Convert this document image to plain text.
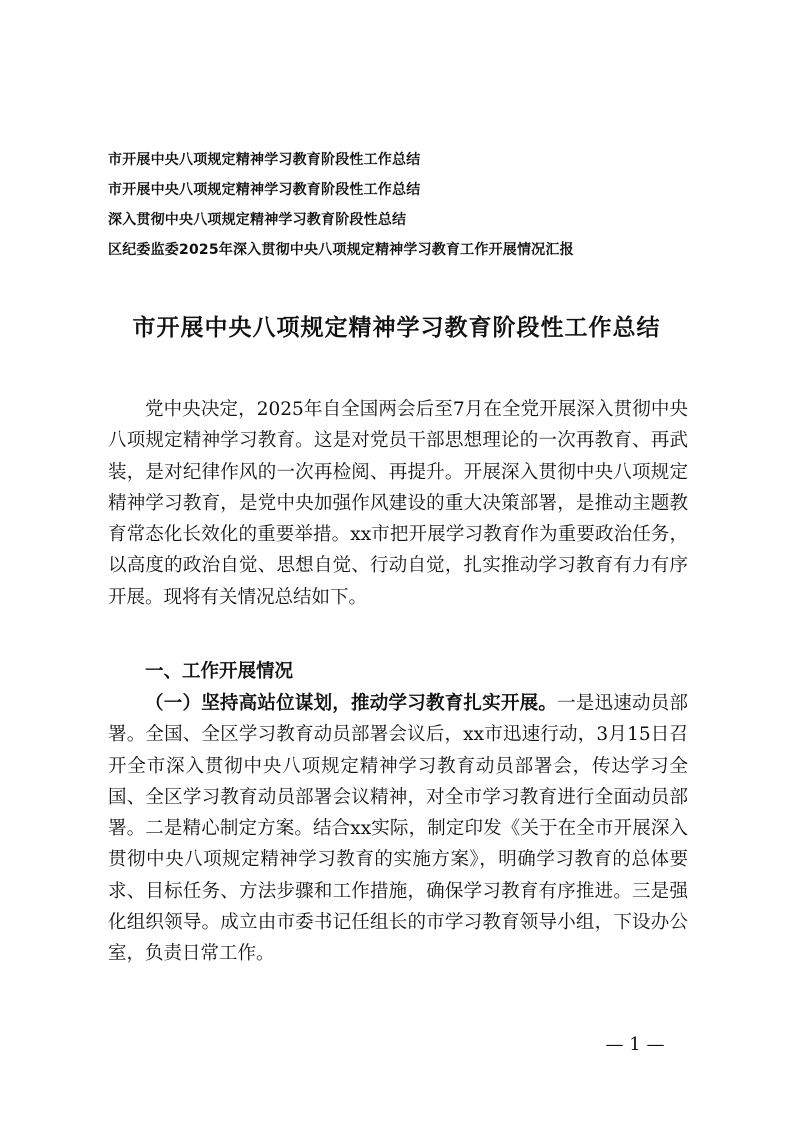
市开展中央八项规定精神学习教育阶段性工作总结
市开展中央八项规定精神学习教育阶段性工作总结
深入贯彻中央八项规定精神学习教育阶段性总结
区纪委监委2025年深入贯彻中央八项规定精神学习教育工作开展情况汇报
市开展中央八项规定精神学习教育阶段性工作总结

党中央决定，2025年自全国两会后至7月在全党开展深入贯彻中央八项规定精神学习教育。这是对党员干部思想理论的一次再教育、再武装，是对纪律作风的一次再检阅、再提升。开展深入贯彻中央八项规定精神学习教育，是党中央加强作风建设的重大决策部署，是推动主题教育常态化长效化的重要举措。xx市把开展学习教育作为重要政治任务，以高度的政治自觉、思想自觉、行动自觉，扎实推动学习教育有力有序开展。现将有关情况总结如下。

一、工作开展情况

（一）坚持高站位谋划，推动学习教育扎实开展。一是迅速动员部署。全国、全区学习教育动员部署会议后，xx市迅速行动，3月15日召开全市深入贯彻中央八项规定精神学习教育动员部署会，传达学习全国、全区学习教育动员部署会议精神，对全市学习教育进行全面动员部署。二是精心制定方案。结合xx实际，制定印发《关于在全市开展深入贯彻中央八项规定精神学习教育的实施方案》，明确学习教育的总体要求、目标任务、方法步骤和工作措施，确保学习教育有序推进。三是强化组织领导。成立由市委书记任组长的市学习教育领导小组，下设办公室，负责日常工作。

— 1 —
